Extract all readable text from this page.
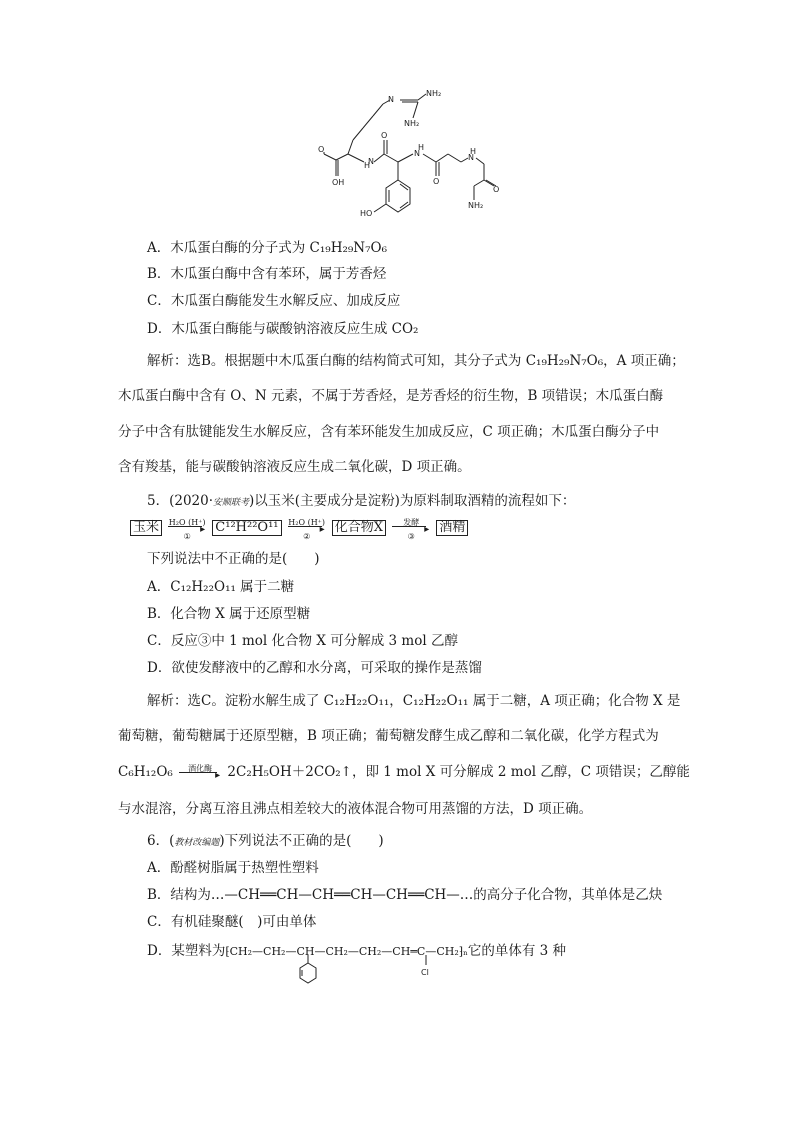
N
NH₂
NH₂
H
N
O
N
H	H
N
O
OH	O
NH₂
HO
O
A．木瓜蛋白酶的分子式为 C₁₉H₂₉N₇O₆
B．木瓜蛋白酶中含有苯环，属于芳香烃
C．木瓜蛋白酶能发生水解反应、加成反应
D．木瓜蛋白酶能与碳酸钠溶液反应生成 CO₂
解析：选B。根据题中木瓜蛋白酶的结构简式可知，其分子式为 C₁₉H₂₉N₇O₆，A 项正确；
木瓜蛋白酶中含有 O、N 元素，不属于芳香烃，是芳香烃的衍生物，B 项错误；木瓜蛋白酶
分子中含有肽键能发生水解反应，含有苯环能发生加成反应，C 项正确；木瓜蛋白酶分子中
含有羧基，能与碳酸钠溶液反应生成二氧化碳，D 项正确。
5．(2020·安顺联考)以玉米(主要成分是淀粉)为原料制取酒精的流程如下：
玉米	H₂O (H⁺)
▸
①
C¹²H²²O¹¹	H₂O (H⁺)
▸
②
化合物X	发酵
▸
③
酒精
下列说法中不正确的是(　　)
A．C₁₂H₂₂O₁₁ 属于二糖
B．化合物 X 属于还原型糖
C．反应③中 1 mol 化合物 X 可分解成 3 mol 乙醇
D．欲使发酵液中的乙醇和水分离，可采取的操作是蒸馏
解析：选C。淀粉水解生成了 C₁₂H₂₂O₁₁，C₁₂H₂₂O₁₁ 属于二糖，A 项正确；化合物 X 是
葡萄糖，葡萄糖属于还原型糖，B 项正确；葡萄糖发酵生成乙醇和二氧化碳，化学方程式为
C₆H₁₂O₆	酒化酶
▸ 2C₂H₅OH＋2CO₂↑，即 1 mol X 可分解成 2 mol 乙醇，C 项错误；乙醇能
与水混溶，分离互溶且沸点相差较大的液体混合物可用蒸馏的方法，D 项正确。
6．(教材改编题)下列说法不正确的是(　　)
A．酚醛树脂属于热塑性塑料
B．结构为…—CH══CH—CH══CH—CH══CH—…的高分子化合物，其单体是乙炔
C．有机硅聚醚(　)可由单体
D．某塑料为⁅CH₂—CH₂—CH—CH₂—CH₂—CH═C—CH₂⁆ₙ它的单体有 3 种
Cl
